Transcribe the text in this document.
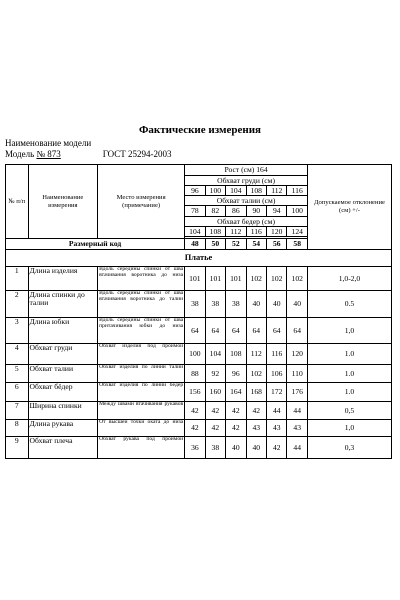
Фактические измерения
Наименование модели
Модель № 873	ГОСТ 25294-2003
№ п/п	Наименование измерения	Место измерения (примечание)	Рост (см) 164						Допускаемое отклонение (см) +/-
			Обхват груди (см)						
			96	100	104	108	112	116	
			Обхват талии (см)						
			78	82	86	90	94	100	
			Обхват бедер (см)						
			104	108	112	116	120	124	

Размерный код			48	50	52	54	56	58	
Платье									
1	Длина изделия	Вдоль середины спинки от шва втачивания воротника до низа	101	101	101	102	102	102	1,0-2,0
2	Длина спинки до талии	Вдоль середины спинки от шва втачивания воротника до талии	38	38	38	40	40	40	0.5
3	Длина юбки	Вдоль середины спинки от шва притачивания юбки до низа	64	64	64	64	64	64	1,0
4	Обхват груди	Обхват изделия под проймой	100	104	108	112	116	120	1.0
5	Обхват талии	Обхват изделия по линии талии	88	92	96	102	106	110	1.0
6	Обхват бёдер	Обхват изделия по линии бёдер	156	160	164	168	172	176	1.0
7	Ширина спинки	Между швами втачивания рукавов	42	42	42	42	44	44	0,5
8	Длина рукава	От высшей точки оката до низа	42	42	42	43	43	43	1,0
9	Обхват плеча	Обхват рукава под проймой	36	38	40	40	42	44	0,3
